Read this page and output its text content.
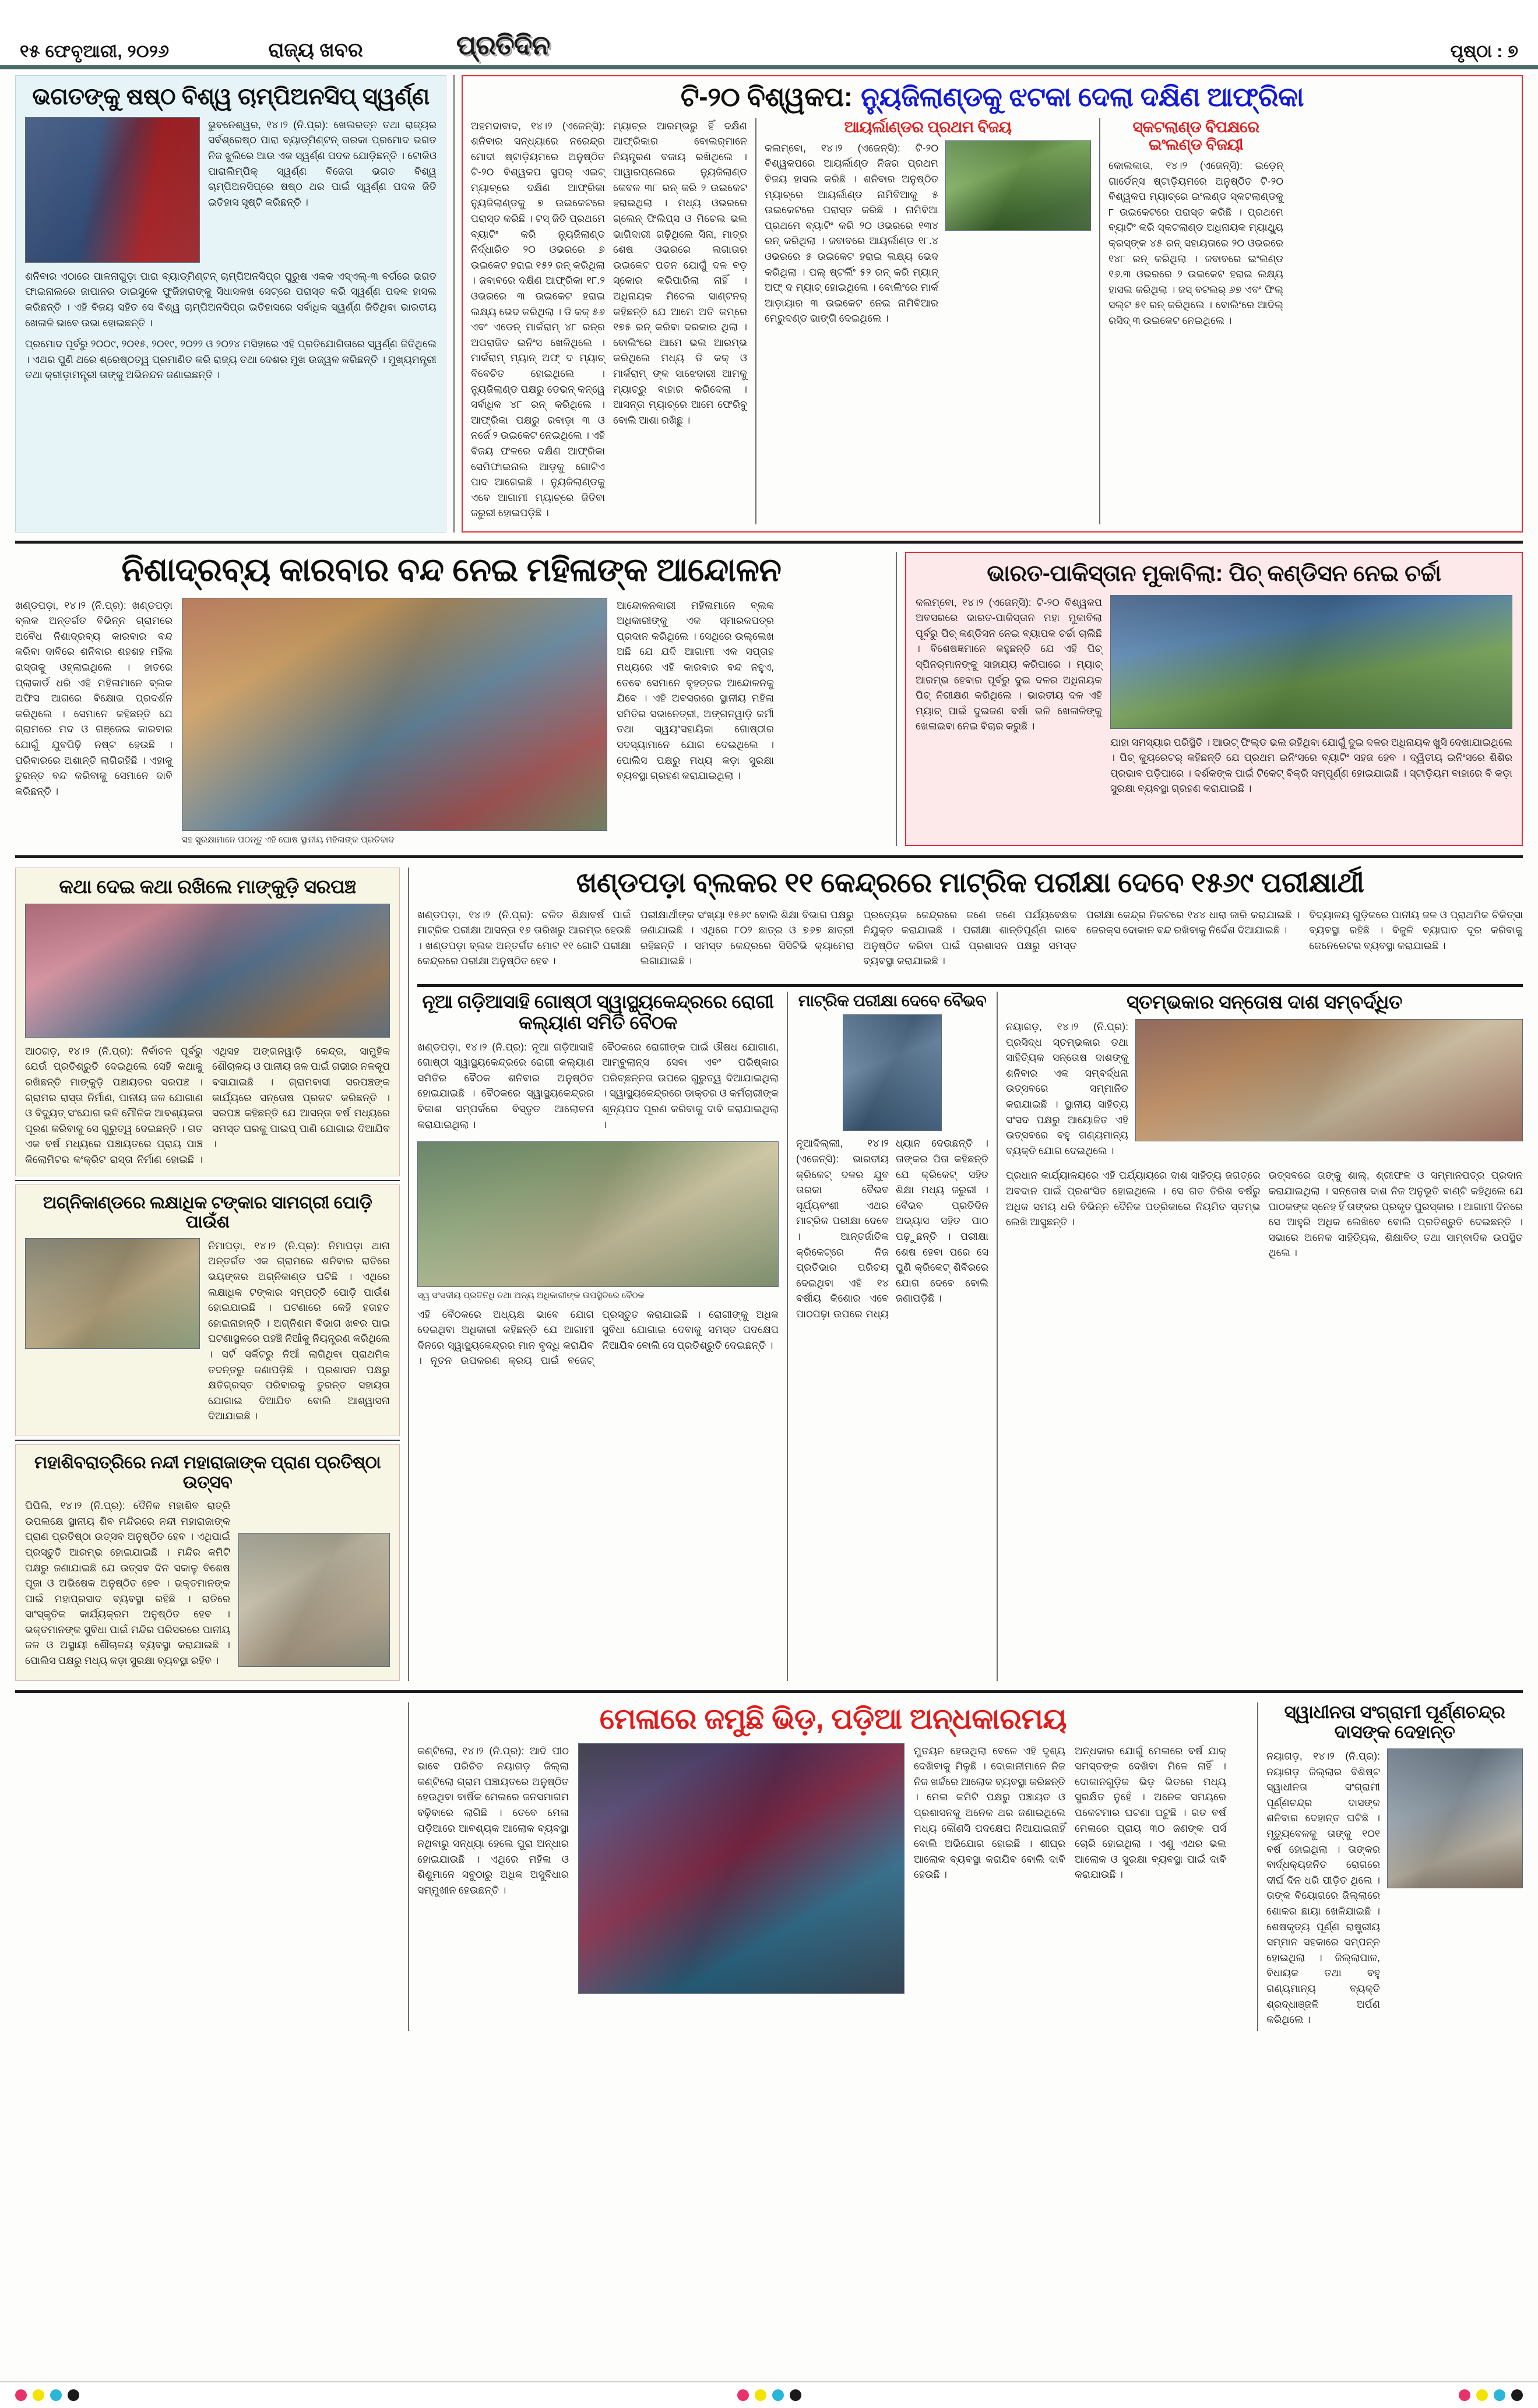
୧୫ ଫେବୃଆରୀ, ୨୦୨୬	ରାଜ୍ୟ ଖବର	ପ୍ରତିଦିନ	ପୃଷ୍ଠା : ୭
ଭଗତଙ୍କୁ ଷଷ୍ଠ ବିଶ୍ୱ ଚାମ୍ପିଅନସିପ୍ ସ୍ୱର୍ଣ୍ଣ

ଭୁବନେଶ୍ୱର, ୧୪।୨ (ନି.ପ୍ର): ଖେଲରତ୍ନ ତଥା ରାଜ୍ୟର ସର୍ବଶ୍ରେଷ୍ଠ ପାରା ବ୍ୟାଡ୍‌ମିଣ୍ଟନ୍ ତାରକା ପ୍ରମୋଦ ଭଗତ ନିଜ ଝୁଲିରେ ଆଉ ଏକ ସ୍ୱର୍ଣ୍ଣ ପଦକ ଯୋଡ଼ିଛନ୍ତି । ଟୋକିଓ ପାରାଲିମ୍ପିକ୍‌ ସ୍ୱର୍ଣ୍ଣ ବିଜେତା ଭଗତ ବିଶ୍ୱ ଚାମ୍ପିଅନସିପ୍‌ରେ ଷଷ୍ଠ ଥର ପାଇଁ ସ୍ୱର୍ଣ୍ଣ ପଦକ ଜିତି ଇତିହାସ ସୃଷ୍ଟି କରିଛନ୍ତି ।

ଶନିବାର ଏଠାରେ ପାଳନାଗୁଡ଼ା ପାରା ବ୍ୟାଡ୍‌ମିଣ୍ଟନ୍ ଚାମ୍ପିଅନସିପ୍‌ର ପୁରୁଷ ଏକକ ଏସ୍‌ଏଲ୍‌-୩ ବର୍ଗରେ ଭଗତ ଫାଇନାଲରେ ଜାପାନର ଡାଇସୁକେ ଫୁଜିହାରାଙ୍କୁ ସିଧାସଳଖ ସେଟ୍‌ରେ ପରାସ୍ତ କରି ସ୍ୱର୍ଣ୍ଣ ପଦକ ହାସଲ କରିଛନ୍ତି । ଏହି ବିଜୟ ସହିତ ସେ ବିଶ୍ୱ ଚାମ୍ପିଅନସିପ୍‌ର ଇତିହାସରେ ସର୍ବାଧିକ ସ୍ୱର୍ଣ୍ଣ ଜିତିଥିବା ଭାରତୀୟ ଖେଳାଳି ଭାବେ ଉଭା ହୋଇଛନ୍ତି ।

ପ୍ରମୋଦ ପୂର୍ବରୁ ୨୦୦୯, ୨୦୧୫, ୨୦୧୯, ୨୦୨୨ ଓ ୨୦୨୪ ମସିହାରେ ଏହି ପ୍ରତିଯୋଗିତାରେ ସ୍ୱର୍ଣ୍ଣ ଜିତିଥିଲେ । ଏଥର ପୁଣି ଥରେ ଶ୍ରେଷ୍ଠତ୍ୱ ପ୍ରମାଣିତ କରି ରାଜ୍ୟ ତଥା ଦେଶର ମୁଖ ଉଜ୍ୱଳ କରିଛନ୍ତି । ମୁଖ୍ୟମନ୍ତ୍ରୀ ତଥା କ୍ରୀଡ଼ାମନ୍ତ୍ରୀ ତାଙ୍କୁ ଅଭିନନ୍ଦନ ଜଣାଇଛନ୍ତି ।

ଟି-୨୦ ବିଶ୍ୱକପ: ନ୍ୟୁଜିଲାଣ୍ଡକୁ ଝଟକା ଦେଲା ଦକ୍ଷିଣ ଆଫ୍ରିକା

ଅହମଦାବାଦ, ୧୪।୨ (ଏଜେନ୍ସି): ଶନିବାର ସନ୍ଧ୍ୟାରେ ନରେନ୍ଦ୍ର ମୋଦୀ ଷ୍ଟାଡ଼ିୟମରେ ଅନୁଷ୍ଠିତ ଟି-୨୦ ବିଶ୍ୱକପ ସୁପର୍ ଏଇଟ୍ ମ୍ୟାଚ୍‌ରେ ଦକ୍ଷିଣ ଆଫ୍ରିକା ନ୍ୟୁଜିଲାଣ୍ଡକୁ ୭ ଉଇକେଟରେ ପରାସ୍ତ କରିଛି । ଟସ୍ ଜିତି ପ୍ରଥମେ ବ୍ୟାଟିଂ କରି ନ୍ୟୁଜିଲାଣ୍ଡ ନିର୍ଦ୍ଧାରିତ ୨୦ ଓଭରରେ ୭ ଉଇକେଟ ହରାଇ ୧୫୨ ରନ୍ କରିଥିଲା । ଜବାବରେ ଦକ୍ଷିଣ ଆଫ୍ରିକା ୧୮.୨ ଓଭରରେ ୩ ଉଇକେଟ ହରାଇ ଲକ୍ଷ୍ୟ ଭେଦ କରିଥିଲା । ଡି କକ୍ ୫୬ ଏବଂ ଏଡେନ୍ ମାର୍କରାମ୍ ୪୮ ରନ୍‌ର ଅପରାଜିତ ଇନିଂସ ଖେଳିଥିଲେ । ମାର୍କରାମ୍ ମ୍ୟାନ୍ ଅଫ୍ ଦ ମ୍ୟାଚ୍ ବିବେଚିତ ହୋଇଥିଲେ । ନ୍ୟୁଜିଲାଣ୍ଡ ପକ୍ଷରୁ ଡେଭନ୍ କନ୍‌ୱେ ସର୍ବାଧିକ ୪୮ ରନ୍ କରିଥିଲେ । ଆଫ୍ରିକା ପକ୍ଷରୁ ରବାଡ଼ା ୩ ଓ ନର୍ଜେ ୨ ଉଇକେଟ ନେଇଥିଲେ । ଏହି ବିଜୟ ଫଳରେ ଦକ୍ଷିଣ ଆଫ୍ରିକା ସେମିଫାଇନାଲ ଆଡ଼କୁ ଗୋଟିଏ ପାଦ ଆଗେଇଛି । ନ୍ୟୁଜିଲାଣ୍ଡକୁ ଏବେ ଆଗାମୀ ମ୍ୟାଚ୍‌ରେ ଜିତିବା ଜରୁରୀ ହୋଇପଡ଼ିଛି ।

ମ୍ୟାଚ୍‌ର ଆରମ୍ଭରୁ ହିଁ ଦକ୍ଷିଣ ଆଫ୍ରିକାର ବୋଲର୍‌ମାନେ ନିୟନ୍ତ୍ରଣ ବଜାୟ ରଖିଥିଲେ । ପାୱାରପ୍ଲେରେ ନ୍ୟୁଜିଲାଣ୍ଡ କେବଳ ୩୮ ରନ୍ କରି ୨ ଉଇକେଟ ହରାଇଥିଲା । ମଧ୍ୟ ଓଭରରେ ଗ୍ଲେନ୍ ଫିଲିପ୍ସ ଓ ମିଚେଲ ଭଲ ଭାଗିଦାରୀ ଗଢ଼ିଥିଲେ ସିନା, ମାତ୍ର ଶେଷ ଓଭରରେ ଲଗାତାର ଉଇକେଟ ପତନ ଯୋଗୁଁ ଦଳ ବଡ଼ ସ୍କୋର କରିପାରିଲା ନାହିଁ । ଅଧିନାୟକ ମିଚେଲ ସାଣ୍ଟନର୍ କହିଛନ୍ତି ଯେ ଆମେ ଅତି କମ୍‌ରେ ୧୭୫ ରନ୍ କରିବା ଦରକାର ଥିଲା । ବୋଲିଂରେ ଆମେ ଭଲ ଆରମ୍ଭ କରିଥିଲେ ମଧ୍ୟ ଡି କକ୍ ଓ ମାର୍କରାମ୍ ଙ୍କ ସାଝେଦାରୀ ଆମକୁ ମ୍ୟାଚ୍‌ରୁ ବାହାର କରିଦେଲା । ଆସନ୍ତା ମ୍ୟାଚ୍‌ରେ ଆମେ ଫେରିବୁ ବୋଲି ଆଶା ରଖିଛୁ ।

ଆୟର୍ଲାଣ୍ଡର ପ୍ରଥମ ବିଜୟ

କଲମ୍ବୋ, ୧୪।୨ (ଏଜେନ୍ସି): ଟି-୨୦ ବିଶ୍ୱକପରେ ଆୟର୍ଲାଣ୍ଡ ନିଜର ପ୍ରଥମ ବିଜୟ ହାସଲ କରିଛି । ଶନିବାର ଅନୁଷ୍ଠିତ ମ୍ୟାଚ୍‌ରେ ଆୟର୍ଲାଣ୍ଡ ନାମିବିଆକୁ ୫ ଉଇକେଟରେ ପରାସ୍ତ କରିଛି । ନାମିବିଆ ପ୍ରଥମେ ବ୍ୟାଟିଂ କରି ୨୦ ଓଭରରେ ୧୩୪ ରନ୍ କରିଥିଲା । ଜବାବରେ ଆୟର୍ଲାଣ୍ଡ ୧୮.୪ ଓଭରରେ ୫ ଉଇକେଟ ହରାଇ ଲକ୍ଷ୍ୟ ଭେଦ କରିଥିଲା । ପଲ୍ ଷ୍ଟର୍ଲିଂ ୫୨ ରନ୍ କରି ମ୍ୟାନ୍ ଅଫ୍ ଦ ମ୍ୟାଚ୍ ହୋଇଥିଲେ । ବୋଲିଂରେ ମାର୍କ ଆଡ଼ାୟାର ୩ ଉଇକେଟ ନେଇ ନାମିବିଆର ମେରୁଦଣ୍ଡ ଭାଙ୍ଗି ଦେଇଥିଲେ ।

ସ୍କଟଲାଣ୍ଡ ବିପକ୍ଷରେ ଇଂଲଣ୍ଡ ବିଜୟୀ

କୋଲକାତା, ୧୪।୨ (ଏଜେନ୍ସି): ଇଡ଼େନ୍ ଗାର୍ଡେନ୍ସ ଷ୍ଟାଡ଼ିୟମରେ ଅନୁଷ୍ଠିତ ଟି-୨୦ ବିଶ୍ୱକପ ମ୍ୟାଚ୍‌ରେ ଇଂଲଣ୍ଡ ସ୍କଟଲାଣ୍ଡକୁ ୮ ଉଇକେଟରେ ପରାସ୍ତ କରିଛି । ପ୍ରଥମେ ବ୍ୟାଟିଂ କରି ସ୍କଟଲାଣ୍ଡ ଅଧିନାୟକ ମ୍ୟାଥ୍ୟୁ କ୍ରସ୍‌ଙ୍କ ୪୫ ରନ୍ ସହାୟତାରେ ୨୦ ଓଭରରେ ୧୪୮ ରନ୍ କରିଥିଲା । ଜବାବରେ ଇଂଲଣ୍ଡ ୧୬.୩ ଓଭରରେ ୨ ଉଇକେଟ ହରାଇ ଲକ୍ଷ୍ୟ ହାସଲ କରିଥିଲା । ଜସ୍ ବଟଲର୍ ୬୭ ଏବଂ ଫିଲ୍ ସଲ୍ଟ ୫୧ ରନ୍ କରିଥିଲେ । ବୋଲିଂରେ ଆଦିଲ୍ ରସିଦ୍ ୩ ଉଇକେଟ ନେଇଥିଲେ ।

ନିଶାଦ୍ରବ୍ୟ କାରବାର ବନ୍ଦ ନେଇ ମହିଳାଙ୍କ ଆନ୍ଦୋଳନ

ଖଣ୍ଡପଡ଼ା, ୧୪।୨ (ନି.ପ୍ର): ଖଣ୍ଡପଡ଼ା ବ୍ଲକ ଅନ୍ତର୍ଗତ ବିଭିନ୍ନ ଗ୍ରାମରେ ଅବୈଧ ନିଶାଦ୍ରବ୍ୟ କାରବାର ବନ୍ଦ କରିବା ଦାବିରେ ଶନିବାର ଶହଶହ ମହିଳା ରାସ୍ତାକୁ ଓହ୍ଲାଇଥିଲେ । ହାତରେ ପ୍ଲାକାର୍ଡ ଧରି ଏହି ମହିଳାମାନେ ବ୍ଲକ ଅଫିସ ଆଗରେ ବିକ୍ଷୋଭ ପ୍ରଦର୍ଶନ କରିଥିଲେ । ସେମାନେ କହିଛନ୍ତି ଯେ ଗ୍ରାମରେ ମଦ ଓ ଗଞ୍ଜେଇ କାରବାର ଯୋଗୁଁ ଯୁବପିଢ଼ି ନଷ୍ଟ ହେଉଛି । ପରିବାରରେ ଅଶାନ୍ତି ଲାଗିରହିଛି । ଏହାକୁ ତୁରନ୍ତ ବନ୍ଦ କରିବାକୁ ସେମାନେ ଦାବି କରିଛନ୍ତି ।

ସହ ସୁରକ୍ଷାମାନେ ପଠନ୍ତୁ ଏହି ଘୋଷ ସ୍ଥାନୀୟ ମହିଳାଙ୍କ ପ୍ରତିବାଦ

ଆନ୍ଦୋଳନକାରୀ ମହିଳାମାନେ ବ୍ଲକ ଅଧିକାରୀଙ୍କୁ ଏକ ସ୍ମାରକପତ୍ର ପ୍ରଦାନ କରିଥିଲେ । ସେଥିରେ ଉଲ୍ଲେଖ ଅଛି ଯେ ଯଦି ଆଗାମୀ ଏକ ସପ୍ତାହ ମଧ୍ୟରେ ଏହି କାରବାର ବନ୍ଦ ନହୁଏ, ତେବେ ସେମାନେ ବୃହତ୍ତର ଆନ୍ଦୋଳନକୁ ଯିବେ । ଏହି ଅବସରରେ ସ୍ଥାନୀୟ ମହିଳା ସମିତିର ସଭାନେତ୍ରୀ, ଅଙ୍ଗନୱାଡ଼ି କର୍ମୀ ତଥା ସ୍ୱୟଂସହାୟିକା ଗୋଷ୍ଠୀର ସଦସ୍ୟାମାନେ ଯୋଗ ଦେଇଥିଲେ । ପୋଲିସ ପକ୍ଷରୁ ମଧ୍ୟ କଡ଼ା ସୁରକ୍ଷା ବ୍ୟବସ୍ଥା ଗ୍ରହଣ କରାଯାଇଥିଲା ।

ଭାରତ-ପାକିସ୍ତାନ ମୁକାବିଲା: ପିଚ୍ କଣ୍ଡିସନ ନେଇ ଚର୍ଚ୍ଚା

କଲମ୍ବୋ, ୧୪।୨ (ଏଜେନ୍ସି): ଟି-୨୦ ବିଶ୍ୱକପ ଅବସରରେ ଭାରତ-ପାକିସ୍ତାନ ମହା ମୁକାବିଲା ପୂର୍ବରୁ ପିଚ୍ କଣ୍ଡିସନ ନେଇ ବ୍ୟାପକ ଚର୍ଚ୍ଚା ଚାଲିଛି । ବିଶେଷଜ୍ଞମାନେ କହୁଛନ୍ତି ଯେ ଏହି ପିଚ୍ ସ୍ପିନର୍‌ମାନଙ୍କୁ ସାହାଯ୍ୟ କରିପାରେ । ମ୍ୟାଚ୍ ଆରମ୍ଭ ହେବାର ପୂର୍ବରୁ ଦୁଇ ଦଳର ଅଧିନାୟକ ପିଚ୍ ନିରୀକ୍ଷଣ କରିଥିଲେ । ଭାରତୀୟ ଦଳ ଏହି ମ୍ୟାଚ୍ ପାଇଁ ଦୁଇଜଣ ବର୍ଷା ଭଳି ଖେଳାଳିଙ୍କୁ ଖେଳାଇବା ନେଇ ବିଚାର କରୁଛି ।

ଯାହା ସମସ୍ୟାର ପରିସ୍ଥିତି । ଆଉଟ୍ ଫିଲ୍ଡ ଭଲ ରହିଥିବା ଯୋଗୁଁ ଦୁଇ ଦଳର ଅଧିନାୟକ ଖୁସି ଦେଖାଯାଇଥିଲେ । ପିଚ୍ କ୍ୟୁରେଟର୍ କହିଛନ୍ତି ଯେ ପ୍ରଥମ ଇନିଂସରେ ବ୍ୟାଟିଂ ସହଜ ହେବ । ଦ୍ୱିତୀୟ ଇନିଂସରେ ଶିଶିର ପ୍ରଭାବ ପଡ଼ିପାରେ । ଦର୍ଶକଙ୍କ ପାଇଁ ଟିକେଟ୍ ବିକ୍ରି ସମ୍ପୂର୍ଣ୍ଣ ହୋଇଯାଇଛି । ସ୍ଟାଡ଼ିୟମ ବାହାରେ ବି କଡ଼ା ସୁରକ୍ଷା ବ୍ୟବସ୍ଥା ଗ୍ରହଣ କରାଯାଇଛି ।

କଥା ଦେଇ କଥା ରଖିଲେ ମାଙ୍କୁଡ଼ି ସରପଞ୍ଚ

ଆଠଗଡ଼, ୧୪।୨ (ନି.ପ୍ର): ନିର୍ବାଚନ ପୂର୍ବରୁ ଯେଉଁ ପ୍ରତିଶ୍ରୁତି ଦେଇଥିଲେ ସେହି କଥାକୁ ରଖିଛନ୍ତି ମାଙ୍କୁଡ଼ି ପଞ୍ଚାୟତର ସରପଞ୍ଚ । ଗ୍ରାମର ରାସ୍ତା ନିର୍ମାଣ, ପାନୀୟ ଜଳ ଯୋଗାଣ ଓ ବିଦ୍ୟୁତ୍ ସଂଯୋଗ ଭଳି ମୌଳିକ ଆବଶ୍ୟକତା ପୂରଣ କରିବାକୁ ସେ ଗୁରୁତ୍ୱ ଦେଇଛନ୍ତି । ଗତ ଏକ ବର୍ଷ ମଧ୍ୟରେ ପଞ୍ଚାୟତରେ ପ୍ରାୟ ପାଞ୍ଚ କିଲୋମିଟର କଂକ୍ରିଟ ରାସ୍ତା ନିର୍ମାଣ ହୋଇଛି । ଏଥିସହ ଅଙ୍ଗନୱାଡ଼ି କେନ୍ଦ୍ର, ସାମୁହିକ ଶୌଚାଳୟ ଓ ପାନୀୟ ଜଳ ପାଇଁ ଗଭୀର ନଳକୂପ ବସାଯାଇଛି । ଗ୍ରାମବାସୀ ସରପଞ୍ଚଙ୍କ କାର୍ଯ୍ୟରେ ସନ୍ତୋଷ ପ୍ରକଟ କରିଛନ୍ତି । ସରପଞ୍ଚ କହିଛନ୍ତି ଯେ ଆସନ୍ତା ବର୍ଷ ମଧ୍ୟରେ ସମସ୍ତ ଘରକୁ ପାଇପ୍ ପାଣି ଯୋଗାଇ ଦିଆଯିବ ।

ଅଗ୍ନିକାଣ୍ଡରେ ଲକ୍ଷାଧିକ ଟଙ୍କାର ସାମଗ୍ରୀ ପୋଡ଼ି ପାଉଁଶ

ନିମାପଡ଼ା, ୧୪।୨ (ନି.ପ୍ର): ନିମାପଡ଼ା ଥାନା ଅନ୍ତର୍ଗତ ଏକ ଗ୍ରାମରେ ଶନିବାର ରାତିରେ ଭୟଙ୍କର ଅଗ୍ନିକାଣ୍ଡ ଘଟିଛି । ଏଥିରେ ଲକ୍ଷାଧିକ ଟଙ୍କାର ସମ୍ପତ୍ତି ପୋଡ଼ି ପାଉଁଶ ହୋଇଯାଇଛି । ଘଟଣାରେ କେହି ହତାହତ ହୋଇନାହାନ୍ତି । ଅଗ୍ନିଶମ ବିଭାଗ ଖବର ପାଇ ଘଟଣାସ୍ଥଳରେ ପହଞ୍ଚି ନିଆଁକୁ ନିୟନ୍ତ୍ରଣ କରିଥିଲେ । ସର୍ଟ ସର୍କିଟରୁ ନିଆଁ ଲାଗିଥିବା ପ୍ରାଥମିକ ତଦନ୍ତରୁ ଜଣାପଡ଼ିଛି । ପ୍ରଶାସନ ପକ୍ଷରୁ କ୍ଷତିଗ୍ରସ୍ତ ପରିବାରକୁ ତୁରନ୍ତ ସହାୟତା ଯୋଗାଇ ଦିଆଯିବ ବୋଲି ଆଶ୍ୱାସନା ଦିଆଯାଇଛି ।

ମହାଶିବରାତ୍ରିରେ ନନ୍ଦୀ ମହାରାଜାଙ୍କ ପ୍ରାଣ ପ୍ରତିଷ୍ଠା ଉତ୍ସବ

ପିପିଲି, ୧୪।୨ (ନି.ପ୍ର): ଦୈନିକ ମହାଶିବ ରାତ୍ରି ଉପଲକ୍ଷେ ସ୍ଥାନୀୟ ଶିବ ମନ୍ଦିରରେ ନନ୍ଦୀ ମହାରାଜାଙ୍କ ପ୍ରାଣ ପ୍ରତିଷ୍ଠା ଉତ୍ସବ ଅନୁଷ୍ଠିତ ହେବ । ଏଥିପାଇଁ ପ୍ରସ୍ତୁତି ଆରମ୍ଭ ହୋଇଯାଇଛି । ମନ୍ଦିର କମିଟି ପକ୍ଷରୁ ଜଣାଯାଇଛି ଯେ ଉତ୍ସବ ଦିନ ସକାଳୁ ବିଶେଷ ପୂଜା ଓ ଅଭିଷେକ ଅନୁଷ୍ଠିତ ହେବ । ଭକ୍ତମାନଙ୍କ ପାଇଁ ମହାପ୍ରସାଦ ବ୍ୟବସ୍ଥା ରହିଛି । ରାତିରେ ସାଂସ୍କୃତିକ କାର୍ଯ୍ୟକ୍ରମ ଅନୁଷ୍ଠିତ ହେବ । ଭକ୍ତମାନଙ୍କ ସୁବିଧା ପାଇଁ ମନ୍ଦିର ପରିସରରେ ପାନୀୟ ଜଳ ଓ ଅସ୍ଥାୟୀ ଶୌଚାଳୟ ବ୍ୟବସ୍ଥା କରାଯାଇଛି । ପୋଲିସ ପକ୍ଷରୁ ମଧ୍ୟ କଡ଼ା ସୁରକ୍ଷା ବ୍ୟବସ୍ଥା ରହିବ ।

ଖଣ୍ଡପଡ଼ା ବ୍ଲକର ୧୧ କେନ୍ଦ୍ରରେ ମାଟ୍ରିକ ପରୀକ୍ଷା ଦେବେ ୧୫୬୯ ପରୀକ୍ଷାର୍ଥୀ

ଖଣ୍ଡପଡ଼ା, ୧୪।୨ (ନି.ପ୍ର): ଚଳିତ ଶିକ୍ଷାବର୍ଷ ପାଇଁ ମାଟ୍ରିକ ପରୀକ୍ଷା ଆସନ୍ତା ୧୬ ତାରିଖରୁ ଆରମ୍ଭ ହେଉଛି । ଖଣ୍ଡପଡ଼ା ବ୍ଲକ ଅନ୍ତର୍ଗତ ମୋଟ ୧୧ ଗୋଟି ପରୀକ୍ଷା କେନ୍ଦ୍ରରେ ପରୀକ୍ଷା ଅନୁଷ୍ଠିତ ହେବ ।

ପରୀକ୍ଷାର୍ଥୀଙ୍କ ସଂଖ୍ୟା ୧୫୬୯ ବୋଲି ଶିକ୍ଷା ବିଭାଗ ପକ୍ଷରୁ ଜଣାଯାଇଛି । ଏଥିରେ ୮୦୨ ଛାତ୍ର ଓ ୭୬୭ ଛାତ୍ରୀ ରହିଛନ୍ତି । ସମସ୍ତ କେନ୍ଦ୍ରରେ ସିସିଟିଭି କ୍ୟାମେରା ଲଗାଯାଇଛି ।

ପ୍ରତ୍ୟେକ କେନ୍ଦ୍ରରେ ଜଣେ ଜଣେ ପର୍ଯ୍ୟବେକ୍ଷକ ନିଯୁକ୍ତ କରାଯାଇଛି । ପରୀକ୍ଷା ଶାନ୍ତିପୂର୍ଣ୍ଣ ଭାବେ ଅନୁଷ୍ଠିତ କରିବା ପାଇଁ ପ୍ରଶାସନ ପକ୍ଷରୁ ସମସ୍ତ ବ୍ୟବସ୍ଥା କରାଯାଇଛି ।

ପରୀକ୍ଷା କେନ୍ଦ୍ର ନିକଟରେ ୧୪୪ ଧାରା ଜାରି କରାଯାଇଛି । ଜେରକ୍ସ ଦୋକାନ ବନ୍ଦ ରଖିବାକୁ ନିର୍ଦ୍ଦେଶ ଦିଆଯାଇଛି ।

ବିଦ୍ୟାଳୟ ଗୁଡ଼ିକରେ ପାନୀୟ ଜଳ ଓ ପ୍ରାଥମିକ ଚିକିତ୍ସା ବ୍ୟବସ୍ଥା ରହିଛି । ବିଜୁଳି ବ୍ୟାଘାତ ଦୂର କରିବାକୁ ଜେନେରେଟର ବ୍ୟବସ୍ଥା କରାଯାଇଛି ।

ନୂଆ ଗଡ଼ିଆସାହି ଗୋଷ୍ଠୀ ସ୍ୱାସ୍ଥ୍ୟକେନ୍ଦ୍ରରେ ରୋଗୀ କଲ୍ୟାଣ ସମିତି ବୈଠକ

ଖଣ୍ଡପଡ଼ା, ୧୪।୨ (ନି.ପ୍ର): ନୂଆ ଗଡ଼ିଆସାହି ଗୋଷ୍ଠୀ ସ୍ୱାସ୍ଥ୍ୟକେନ୍ଦ୍ରରେ ରୋଗୀ କଲ୍ୟାଣ ସମିତିର ବୈଠକ ଶନିବାର ଅନୁଷ୍ଠିତ ହୋଇଯାଇଛି । ବୈଠକରେ ସ୍ୱାସ୍ଥ୍ୟକେନ୍ଦ୍ରର ବିକାଶ ସମ୍ପର୍କରେ ବିସ୍ତୃତ ଆଲୋଚନା କରାଯାଇଥିଲା ।

ବୈଠକରେ ରୋଗୀଙ୍କ ପାଇଁ ଔଷଧ ଯୋଗାଣ, ଆମ୍ବୁଲାନ୍ସ ସେବା ଏବଂ ପରିଷ୍କାର ପରିଚ୍ଛନ୍ନତା ଉପରେ ଗୁରୁତ୍ୱ ଦିଆଯାଇଥିଲା । ସ୍ୱାସ୍ଥ୍ୟକେନ୍ଦ୍ରରେ ଡାକ୍ତର ଓ କର୍ମଚାରୀଙ୍କ ଶୂନ୍ୟପଦ ପୂରଣ କରିବାକୁ ଦାବି କରାଯାଇଥିଲା ।

ସ୍ୱ ସଂସଦୀୟ ପ୍ରତିନିଧି ତଥା ଅନ୍ୟ ଅଧିକାରୀଙ୍କ ଉପସ୍ଥିତିରେ ବୈଠକ

ଏହି ବୈଠକରେ ଅଧ୍ୟକ୍ଷ ଭାବେ ଯୋଗ ଦେଇଥିବା ଅଧିକାରୀ କହିଛନ୍ତି ଯେ ଆଗାମୀ ଦିନରେ ସ୍ୱାସ୍ଥ୍ୟକେନ୍ଦ୍ରର ମାନ ବୃଦ୍ଧି କରାଯିବ । ନୂତନ ଉପକରଣ କ୍ରୟ ପାଇଁ ବଜେଟ୍ ପ୍ରସ୍ତୁତ କରାଯାଇଛି । ରୋଗୀଙ୍କୁ ଅଧିକ ସୁବିଧା ଯୋଗାଇ ଦେବାକୁ ସମସ୍ତ ପଦକ୍ଷେପ ନିଆଯିବ ବୋଲି ସେ ପ୍ରତିଶ୍ରୁତି ଦେଇଛନ୍ତି ।

ମାଟ୍ରିକ ପରୀକ୍ଷା ଦେବେ ବୈଭବ

ନୂଆଦିଲ୍ଲୀ, ୧୪।୨ (ଏଜେନ୍ସି): ଭାରତୀୟ କ୍ରିକେଟ୍ ଦଳର ଯୁବ ତାରକା ବୈଭବ ସୂର୍ଯ୍ୟବଂଶୀ ଏଥର ମାଟ୍ରିକ ପରୀକ୍ଷା ଦେବେ । ଆନ୍ତର୍ଜାତିକ କ୍ରିକେଟ୍‌ରେ ନିଜ ପ୍ରତିଭାର ପରିଚୟ ଦେଇଥିବା ଏହି ୧୪ ବର୍ଷୀୟ କିଶୋର ଏବେ ପାଠପଢ଼ା ଉପରେ ମଧ୍ୟ ଧ୍ୟାନ ଦେଉଛନ୍ତି । ତାଙ୍କର ପିତା କହିଛନ୍ତି ଯେ କ୍ରିକେଟ୍ ସହିତ ଶିକ୍ଷା ମଧ୍ୟ ଜରୁରୀ । ବୈଭବ ପ୍ରତିଦିନ ଅଭ୍ୟାସ ସହିତ ପାଠ ପଢ଼ୁଛନ୍ତି । ପରୀକ୍ଷା ଶେଷ ହେବା ପରେ ସେ ପୁଣି କ୍ରିକେଟ୍ ଶିବିରରେ ଯୋଗ ଦେବେ ବୋଲି ଜଣାପଡ଼ିଛି ।

ସ୍ତମ୍ଭକାର ସନ୍ତୋଷ ଦାଶ ସମ୍ବର୍ଦ୍ଧିତ

ନୟାଗଡ଼, ୧୪।୨ (ନି.ପ୍ର): ପ୍ରସିଦ୍ଧ ସ୍ତମ୍ଭକାର ତଥା ସାହିତ୍ୟିକ ସନ୍ତୋଷ ଦାଶଙ୍କୁ ଶନିବାର ଏକ ସମ୍ବର୍ଦ୍ଧନା ଉତ୍ସବରେ ସମ୍ମାନିତ କରାଯାଇଛି । ସ୍ଥାନୀୟ ସାହିତ୍ୟ ସଂସଦ ପକ୍ଷରୁ ଆୟୋଜିତ ଏହି ଉତ୍ସବରେ ବହୁ ଗଣ୍ୟମାନ୍ୟ ବ୍ୟକ୍ତି ଯୋଗ ଦେଇଥିଲେ ।

ପ୍ରଧାନ କାର୍ଯ୍ୟାଳୟରେ ଏହି ପର୍ଯ୍ୟାୟରେ ଦାଶ ସାହିତ୍ୟ ଜଗତ୍‌ରେ ଅବଦାନ ପାଇଁ ପ୍ରଶଂସିତ ହୋଇଥିଲେ । ସେ ଗତ ତିରିଶ ବର୍ଷରୁ ଅଧିକ ସମୟ ଧରି ବିଭିନ୍ନ ଦୈନିକ ପତ୍ରିକାରେ ନିୟମିତ ସ୍ତମ୍ଭ ଲେଖି ଆସୁଛନ୍ତି ।

ଉତ୍ସବରେ ତାଙ୍କୁ ଶାଲ୍, ଶ୍ରୀଫଳ ଓ ସମ୍ମାନପତ୍ର ପ୍ରଦାନ କରାଯାଇଥିଲା । ସନ୍ତୋଷ ଦାଶ ନିଜ ଅନୁଭୂତି ବାଣ୍ଟି କହିଥିଲେ ଯେ ପାଠକଙ୍କ ସ୍ନେହ ହିଁ ତାଙ୍କର ପ୍ରକୃତ ପୁରସ୍କାର । ଆଗାମୀ ଦିନରେ ସେ ଆହୁରି ଅଧିକ ଲେଖିବେ ବୋଲି ପ୍ରତିଶ୍ରୁତି ଦେଇଛନ୍ତି । ସଭାରେ ଅନେକ ସାହିତ୍ୟିକ, ଶିକ୍ଷାବିତ୍ ତଥା ସାମ୍ବାଦିକ ଉପସ୍ଥିତ ଥିଲେ ।

ମେଳାରେ ଜମୁଛି ଭିଡ଼, ପଡ଼ିଆ ଅନ୍ଧକାରମୟ

କଣ୍ଟିଲୋ, ୧୪।୨ (ନି.ପ୍ର): ଆଦି ପୀଠ ଭାବେ ପରିଚିତ ନୟାଗଡ଼ ଜିଲ୍ଲା କଣ୍ଟିଲୋ ଗ୍ରାମ ପଞ୍ଚାୟତରେ ଅନୁଷ୍ଠିତ ହେଉଥିବା ବାର୍ଷିକ ମେଳାରେ ଜନସମାଗମ ବଢ଼ିବାରେ ଲାଗିଛି । ତେବେ ମେଳା ପଡ଼ିଆରେ ଆବଶ୍ୟକ ଆଲୋକ ବ୍ୟବସ୍ଥା ନଥିବାରୁ ସନ୍ଧ୍ୟା ହେଲେ ପୁରା ଅନ୍ଧାର ହୋଇଯାଉଛି । ଏଥିରେ ମହିଳା ଓ ଶିଶୁମାନେ ସବୁଠାରୁ ଅଧିକ ଅସୁବିଧାର ସମ୍ମୁଖୀନ ହେଉଛନ୍ତି ।

ମୁତୟନ ହେଉଥିଲା ବେଳେ ଏହି ଦୃଶ୍ୟ ଦେଖିବାକୁ ମିଳୁଛି । ଦୋକାନୀମାନେ ନିଜ ନିଜ ଖର୍ଚ୍ଚରେ ଆଲୋକ ବ୍ୟବସ୍ଥା କରିଛନ୍ତି । ମେଳା କମିଟି ପକ୍ଷରୁ ପଞ୍ଚାୟତ ଓ ପ୍ରଶାସନକୁ ଅନେକ ଥର ଜଣାଇଥିଲେ ମଧ୍ୟ କୌଣସି ପଦକ୍ଷେପ ନିଆଯାଇନାହିଁ ବୋଲି ଅଭିଯୋଗ ହୋଇଛି । ଶୀଘ୍ର ଆଲୋକ ବ୍ୟବସ୍ଥା କରାଯିବ ବୋଲି ଦାବି ହେଉଛି ।

ଅନ୍ଧକାର ଯୋଗୁଁ ମେଳାରେ ବର୍ଷ ଯାକ୍ ସମସ୍ତଙ୍କ ଦେଖିବା ମିଳେ ନାହିଁ । ଦୋକାନଗୁଡ଼ିକ ଭିଡ଼ ଭିତରେ ମଧ୍ୟ ସୁରକ୍ଷିତ ନୁହେଁ । ଅନେକ ସମୟରେ ପକେଟମାର ଘଟଣା ଘଟୁଛି । ଗତ ବର୍ଷ ମେଳାରେ ପ୍ରାୟ ୩୦ ଜଣଙ୍କ ପର୍ସ ଚୋରି ହୋଇଥିଲା । ଏଣୁ ଏଥର ଭଲ ଆଲୋକ ଓ ସୁରକ୍ଷା ବ୍ୟବସ୍ଥା ପାଇଁ ଦାବି କରାଯାଉଛି ।

ସ୍ୱାଧୀନତା ସଂଗ୍ରାମୀ ପୂର୍ଣ୍ଣଚନ୍ଦ୍ର ଦାସଙ୍କ ଦେହାନ୍ତ

ନୟାଗଡ଼, ୧୪।୨ (ନି.ପ୍ର): ନୟାଗଡ଼ ଜିଲ୍ଲାର ବିଶିଷ୍ଟ ସ୍ୱାଧୀନତା ସଂଗ୍ରାମୀ ପୂର୍ଣ୍ଣଚନ୍ଦ୍ର ଦାସଙ୍କ ଶନିବାର ଦେହାନ୍ତ ଘଟିଛି । ମୃତ୍ୟୁବେଳକୁ ତାଙ୍କୁ ୧୦୧ ବର୍ଷ ହୋଇଥିଲା । ତାଙ୍କର ବାର୍ଦ୍ଧକ୍ୟଜନିତ ରୋଗରେ ଦୀର୍ଘ ଦିନ ଧରି ପୀଡ଼ିତ ଥିଲେ । ତାଙ୍କ ବିୟୋଗରେ ଜିଲ୍ଲାରେ ଶୋକର ଛାୟା ଖେଳିଯାଇଛି । ଶେଷକୃତ୍ୟ ପୂର୍ଣ୍ଣ ରାଷ୍ଟ୍ରୀୟ ସମ୍ମାନ ସହକାରେ ସମ୍ପନ୍ନ ହୋଇଥିଲା । ଜିଲ୍ଲାପାଳ, ବିଧାୟକ ତଥା ବହୁ ଗଣ୍ୟମାନ୍ୟ ବ୍ୟକ୍ତି ଶ୍ରଦ୍ଧାଞ୍ଜଳି ଅର୍ପଣ କରିଥିଲେ ।
